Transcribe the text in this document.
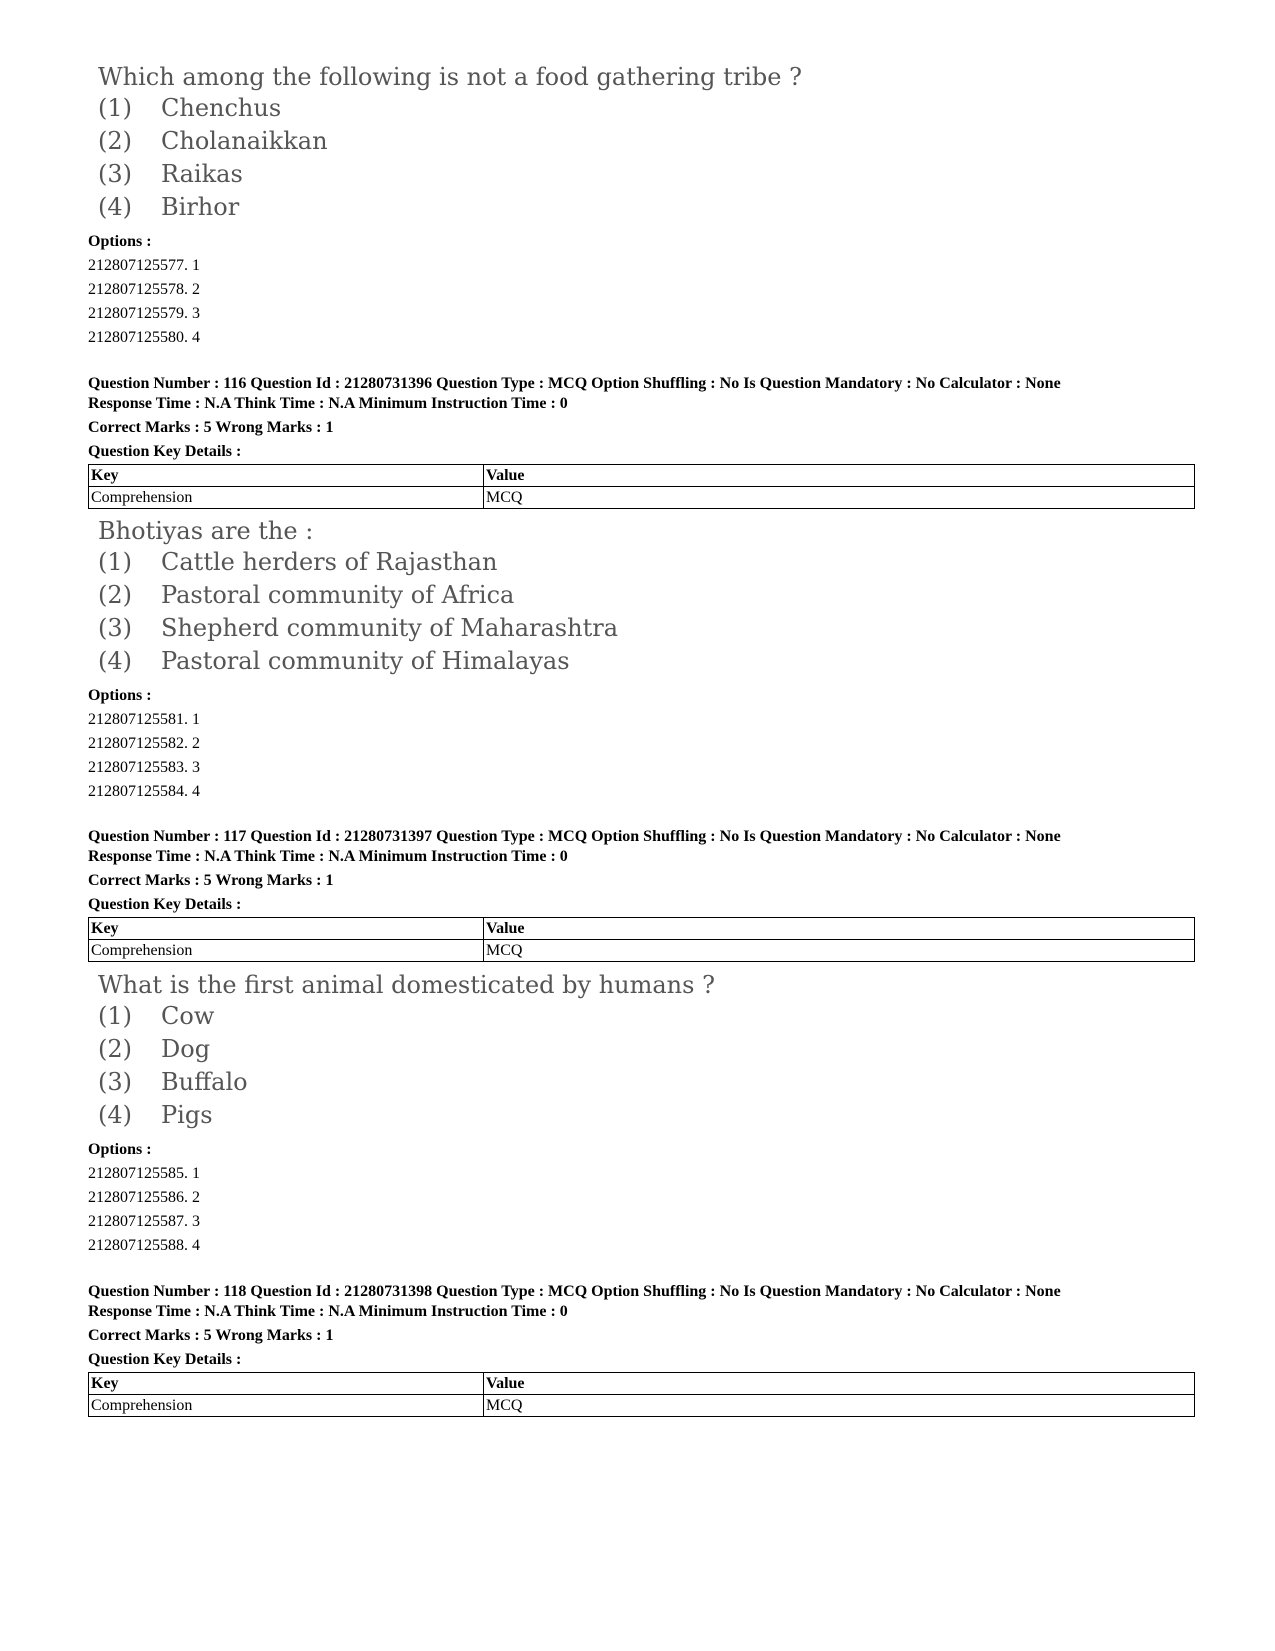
Which among the following is not a food gathering tribe ?
(1)	Chenchus
(2)	Cholanaikkan
(3)	Raikas
(4)	Birhor
Options :
212807125577. 1
212807125578. 2
212807125579. 3
212807125580. 4
Question Number : 116 Question Id : 21280731396 Question Type : MCQ Option Shuffling : No Is Question Mandatory : No Calculator : None
Response Time : N.A Think Time : N.A Minimum Instruction Time : 0
Correct Marks : 5 Wrong Marks : 1
Question Key Details :
Key	Value
Comprehension	MCQ
Bhotiyas are the :
(1)	Cattle herders of Rajasthan
(2)	Pastoral community of Africa
(3)	Shepherd community of Maharashtra
(4)	Pastoral community of Himalayas
Options :
212807125581. 1
212807125582. 2
212807125583. 3
212807125584. 4
Question Number : 117 Question Id : 21280731397 Question Type : MCQ Option Shuffling : No Is Question Mandatory : No Calculator : None
Response Time : N.A Think Time : N.A Minimum Instruction Time : 0
Correct Marks : 5 Wrong Marks : 1
Question Key Details :
Key	Value
Comprehension	MCQ
What is the first animal domesticated by humans ?
(1)	Cow
(2)	Dog
(3)	Buffalo
(4)	Pigs
Options :
212807125585. 1
212807125586. 2
212807125587. 3
212807125588. 4
Question Number : 118 Question Id : 21280731398 Question Type : MCQ Option Shuffling : No Is Question Mandatory : No Calculator : None
Response Time : N.A Think Time : N.A Minimum Instruction Time : 0
Correct Marks : 5 Wrong Marks : 1
Question Key Details :
Key	Value
Comprehension	MCQ
